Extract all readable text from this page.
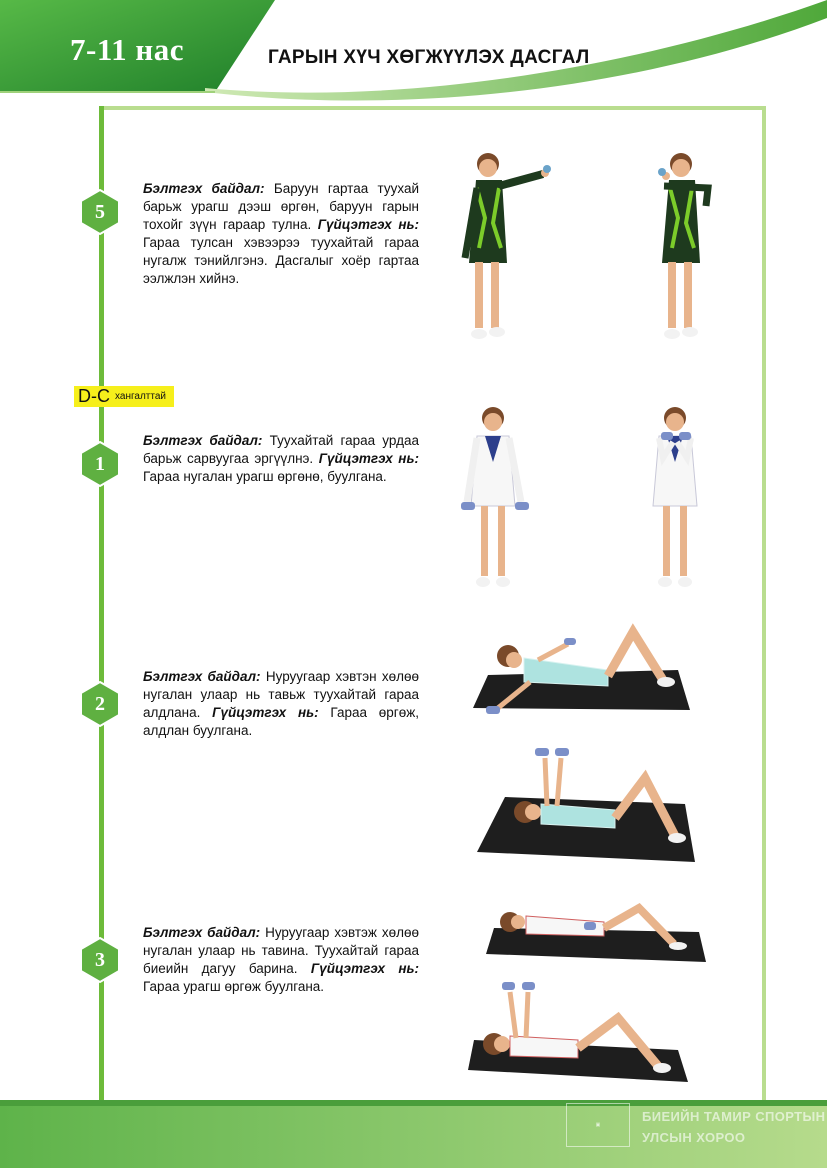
7-11 нас	ГАРЫН ХҮЧ ХӨГЖҮҮЛЭХ ДАСГАЛ
5
Бэлтгэх байдал: Баруун гартаа туухай барьж урагш дээш өргөн, баруун гарын тохойг зүүн гараар тулна. Гүйцэтгэх нь: Гараа тулсан хэвээрээ туухайтай гараа нугалж тэнийлгэнэ. Дасгалыг хоёр гартаа ээлжлэн хийнэ.
D-C хангалттай
1
Бэлтгэх байдал: Туухайтай гараа урдаа барьж сарвуугаа эргүүлнэ. Гүйцэтгэх нь: Гараа нугалан урагш өргөнө, буулгана.
2
Бэлтгэх байдал: Нуруугаар хэвтэн хөлөө нугалан улаар нь тавьж туухайтай гараа алдлана. Гүйцэтгэх нь: Гараа өргөж, алдлан буулгана.
3
Бэлтгэх байдал: Нуруугаар хэвтэж хөлөө нугалан улаар нь тавина. Туухайтай гараа биеийн дагуу барина. Гүйцэтгэх нь: Гараа урагш өргөж буулгана.
▣
БИЕИЙН ТАМИР СПОРТЫН
УЛСЫН ХОРОО
